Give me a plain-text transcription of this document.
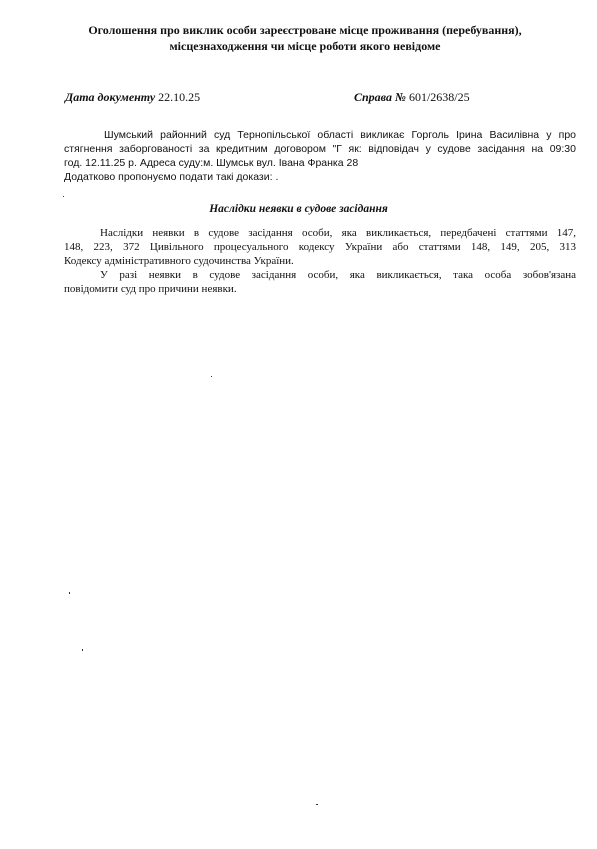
Оголошення про виклик особи зареєстроване місце проживання (перебування),
місцезнаходження чи місце роботи якого невідоме
Дата документу 22.10.25	Справа № 601/2638/25
Шумський районний суд Тернопільської області викликає Горголь Ірина Василівна у про
стягнення заборгованості за кредитним договором "Г як: відповідач у судове засідання на 09:30
год. 12.11.25 р. Адреса суду:м. Шумськ вул. Івана Франка 28
Додатково пропонуємо подати такі докази: .
Наслідки неявки в судове засідання
Наслідки неявки в судове засідання особи, яка викликається, передбачені статтями 147,
148, 223, 372 Цивільного процесуального кодексу України або статтями 148, 149, 205, 313
Кодексу адміністративного судочинства України.
У разі неявки в судове засідання особи, яка викликається, така особа зобов'язана
повідомити суд про причини неявки.
